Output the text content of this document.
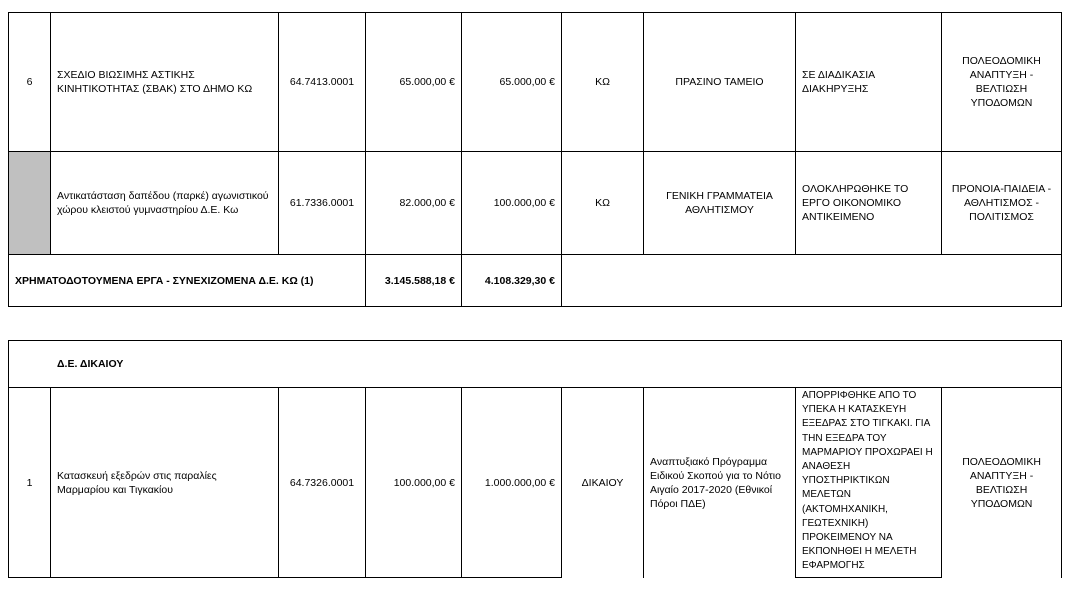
6	ΣΧΕΔΙΟ ΒΙΩΣΙΜΗΣ ΑΣΤΙΚΗΣ ΚΙΝΗΤΙΚΟΤΗΤΑΣ (ΣΒΑΚ) ΣΤΟ ΔΗΜΟ ΚΩ	64.7413.0001	65.000,00 €	65.000,00 €	ΚΩ	ΠΡΑΣΙΝΟ ΤΑΜΕΙΟ	ΣΕ ΔΙΑΔΙΚΑΣΙΑ ΔΙΑΚΗΡΥΞΗΣ	ΠΟΛΕΟΔΟΜΙΚΗ ΑΝΑΠΤΥΞΗ - ΒΕΛΤΙΩΣΗ ΥΠΟΔΟΜΩΝ
	Αντικατάσταση δαπέδου (παρκέ) αγωνιστικού χώρου κλειστού γυμναστηρίου Δ.Ε. Κω	61.7336.0001	82.000,00 €	100.000,00 €	ΚΩ	ΓΕΝΙΚΗ ΓΡΑΜΜΑΤΕΙΑ ΑΘΛΗΤΙΣΜΟΥ	ΟΛΟΚΛΗΡΩΘΗΚΕ ΤΟ ΕΡΓΟ ΟΙΚΟΝΟΜΙΚΟ ΑΝΤΙΚΕΙΜΕΝΟ	ΠΡΟΝΟΙΑ-ΠΑΙΔΕΙΑ - ΑΘΛΗΤΙΣΜΟΣ - ΠΟΛΙΤΙΣΜΟΣ
ΧΡΗΜΑΤΟΔΟΤΟΥΜΕΝΑ ΕΡΓΑ - ΣΥΝΕΧΙΖΟΜΕΝΑ Δ.Ε. ΚΩ (1)			3.145.588,18 €	4.108.329,30 €				
Δ.Ε. ΔΙΚΑΙΟΥ
1	Κατασκευή εξεδρών στις παραλίες Μαρμαρίου και Τιγκακίου	64.7326.0001	100.000,00 €	1.000.000,00 €	ΔΙΚΑΙΟΥ	Αναπτυξιακό Πρόγραμμα Ειδικού Σκοπού για το Νότιο Αιγαίο 2017-2020 (Εθνικοί Πόροι ΠΔΕ)	ΑΠΟΡΡΙΦΘΗΚΕ ΑΠΟ ΤΟ ΥΠΕΚΑ Η ΚΑΤΑΣΚΕΥΗ ΕΞΕΔΡΑΣ ΣΤΟ ΤΙΓΚΑΚΙ. ΓΙΑ ΤΗΝ ΕΞΕΔΡΑ ΤΟΥ ΜΑΡΜΑΡΙΟΥ ΠΡΟΧΩΡΑΕΙ Η ΑΝΑΘΕΣΗ ΥΠΟΣΤΗΡΙΚΤΙΚΩΝ ΜΕΛΕΤΩΝ (ΑΚΤΟΜΗΧΑΝΙΚΗ, ΓΕΩΤΕΧΝΙΚΗ) ΠΡΟΚΕΙΜΕΝΟΥ ΝΑ ΕΚΠΟΝΗΘΕΙ Η ΜΕΛΕΤΗ ΕΦΑΡΜΟΓΗΣ	ΠΟΛΕΟΔΟΜΙΚΗ ΑΝΑΠΤΥΞΗ - ΒΕΛΤΙΩΣΗ ΥΠΟΔΟΜΩΝ
